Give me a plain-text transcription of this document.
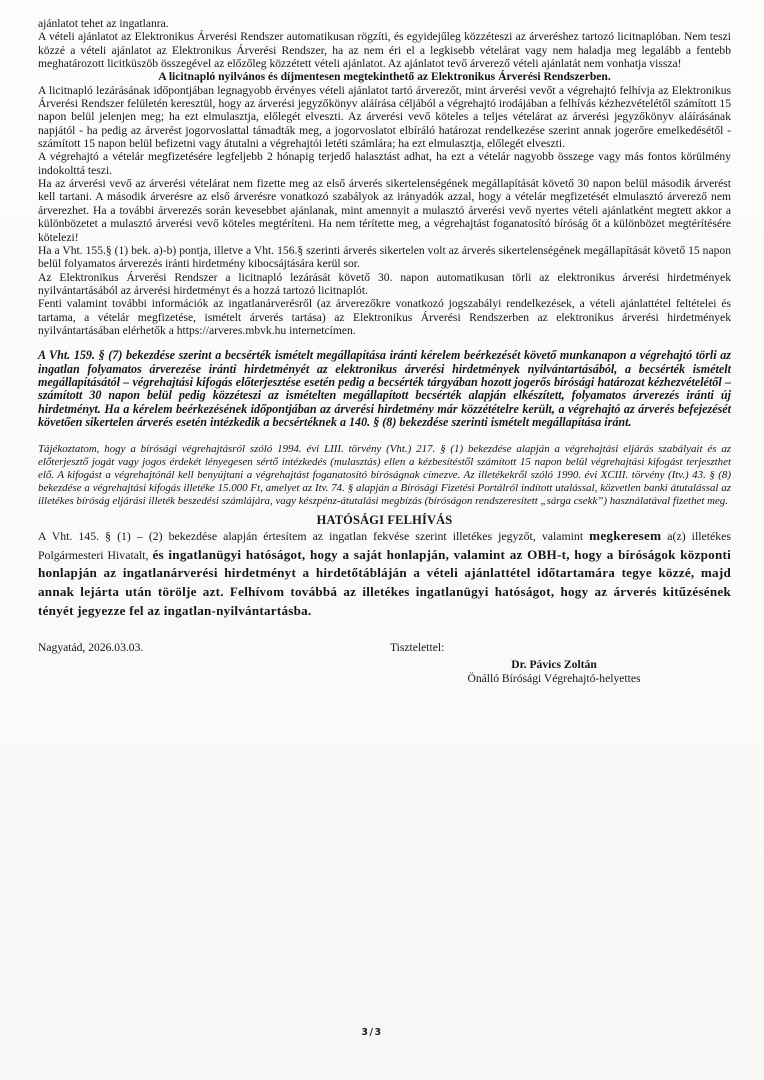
ajánlatot tehet az ingatlanra.

A vételi ajánlatot az Elektronikus Árverési Rendszer automatikusan rögzíti, és egyidejűleg közzéteszi az árveréshez tartozó licitnaplóban. Nem teszi közzé a vételi ajánlatot az Elektronikus Árverési Rendszer, ha az nem éri el a legkisebb vételárat vagy nem haladja meg legalább a fentebb meghatározott licitküszöb összegével az előzőleg közzétett vételi ajánlatot. Az ajánlatot tevő árverező vételi ajánlatát nem vonhatja vissza!

A licitnapló nyilvános és díjmentesen megtekinthető az Elektronikus Árverési Rendszerben.

A licitnapló lezárásának időpontjában legnagyobb érvényes vételi ajánlatot tartó árverezőt, mint árverési vevőt a végrehajtó felhívja az Elektronikus Árverési Rendszer felületén keresztül, hogy az árverési jegyzőkönyv aláírása céljából a végrehajtó irodájában a felhívás kézhezvételétől számított 15 napon belül jelenjen meg; ha ezt elmulasztja, előlegét elveszti. Az árverési vevő köteles a teljes vételárat az árverési jegyzőkönyv aláírásának napjától - ha pedig az árverést jogorvoslattal támadták meg, a jogorvoslatot elbíráló határozat rendelkezése szerint annak jogerőre emelkedésétől - számított 15 napon belül befizetni vagy átutalni a végrehajtói letéti számlára; ha ezt elmulasztja, előlegét elveszti.

A végrehajtó a vételár megfizetésére legfeljebb 2 hónapig terjedő halasztást adhat, ha ezt a vételár nagyobb összege vagy más fontos körülmény indokolttá teszi.

Ha az árverési vevő az árverési vételárat nem fizette meg az első árverés sikertelenségének megállapítását követő 30 napon belül második árverést kell tartani. A második árverésre az első árverésre vonatkozó szabályok az irányadók azzal, hogy a vételár megfizetését elmulasztó árverező nem árverezhet. Ha a további árverezés során kevesebbet ajánlanak, mint amennyit a mulasztó árverési vevő nyertes vételi ajánlatként megtett akkor a különbözetet a mulasztó árverési vevő köteles megtéríteni. Ha nem térítette meg, a végrehajtást foganatosító bíróság őt a különbözet megtérítésére kötelezi!

Ha a Vht. 155.§ (1) bek. a)-b) pontja, illetve a Vht. 156.§ szerinti árverés sikertelen volt az árverés sikertelenségének megállapítását követő 15 napon belül folyamatos árverezés iránti hirdetmény kibocsájtására kerül sor.

Az Elektronikus Árverési Rendszer a licitnapló lezárását követő 30. napon automatikusan törli az elektronikus árverési hirdetmények nyilvántartásából az árverési hirdetményt és a hozzá tartozó licitnaplót.

Fenti valamint további információk az ingatlanárverésről (az árverezőkre vonatkozó jogszabályi rendelkezések, a vételi ajánlattétel feltételei és tartama, a vételár megfizetése, ismételt árverés tartása) az Elektronikus Árverési Rendszerben az elektronikus árverési hirdetmények nyilvántartásában elérhetők a https://arveres.mbvk.hu internetcímen.

A Vht. 159. § (7) bekezdése szerint a becsérték ismételt megállapítása iránti kérelem beérkezését követő munkanapon a végrehajtó törli az ingatlan folyamatos árverezése iránti hirdetményét az elektronikus árverési hirdetmények nyilvántartásából, a becsérték ismételt megállapításától – végrehajtási kifogás előterjesztése esetén pedig a becsérték tárgyában hozott jogerős bírósági határozat kézhezvételétől – számított 30 napon belül pedig közzéteszi az ismételten megállapított becsérték alapján elkészített, folyamatos árverezés iránti új hirdetményt. Ha a kérelem beérkezésének időpontjában az árverési hirdetmény már közzétételre került, a végrehajtó az árverés befejezését követően sikertelen árverés esetén intézkedik a becsértéknek a 140. § (8) bekezdése szerinti ismételt megállapítása iránt.

Tájékoztatom, hogy a bírósági végrehajtásról szóló 1994. évi LIII. törvény (Vht.) 217. § (1) bekezdése alapján a végrehajtási eljárás szabályait és az előterjesztő jogát vagy jogos érdekét lényegesen sértő intézkedés (mulasztás) ellen a kézbesítéstől számított 15 napon belül végrehajtási kifogást terjeszthet elő. A kifogást a végrehajtónál kell benyújtani a végrehajtást foganatosító bíróságnak címezve. Az illetékekről szóló 1990. évi XCIII. törvény (Itv.) 43. § (8) bekezdése a végrehajtási kifogás illetéke 15.000 Ft, amelyet az Itv. 74. § alapján a Bírósági Fizetési Portálról indított utalással, közvetlen banki átutalással az illetékes bíróság eljárási illeték beszedési számlájára, vagy készpénz-átutalási megbízás (bíróságon rendszeresített „sárga csekk”) használatával fizethet meg.

HATÓSÁGI FELHÍVÁS

A Vht. 145. § (1) – (2) bekezdése alapján értesítem az ingatlan fekvése szerint illetékes jegyzőt, valamint megkeresem a(z) illetékes Polgármesteri Hivatalt, és ingatlanügyi hatóságot, hogy a saját honlapján, valamint az OBH-t, hogy a bíróságok központi honlapján az ingatlanárverési hirdetményt a hirdetőtábláján a vételi ajánlattétel időtartamára tegye közzé, majd annak lejárta után törölje azt. Felhívom továbbá az illetékes ingatlanügyi hatóságot, hogy az árverés kitűzésének tényét jegyezze fel az ingatlan-nyilvántartásba.

Nagyatád, 2026.03.03.	Tisztelettel:
Dr. Pávics Zoltán
Önálló Bírósági Végrehajtó-helyettes
3/3
